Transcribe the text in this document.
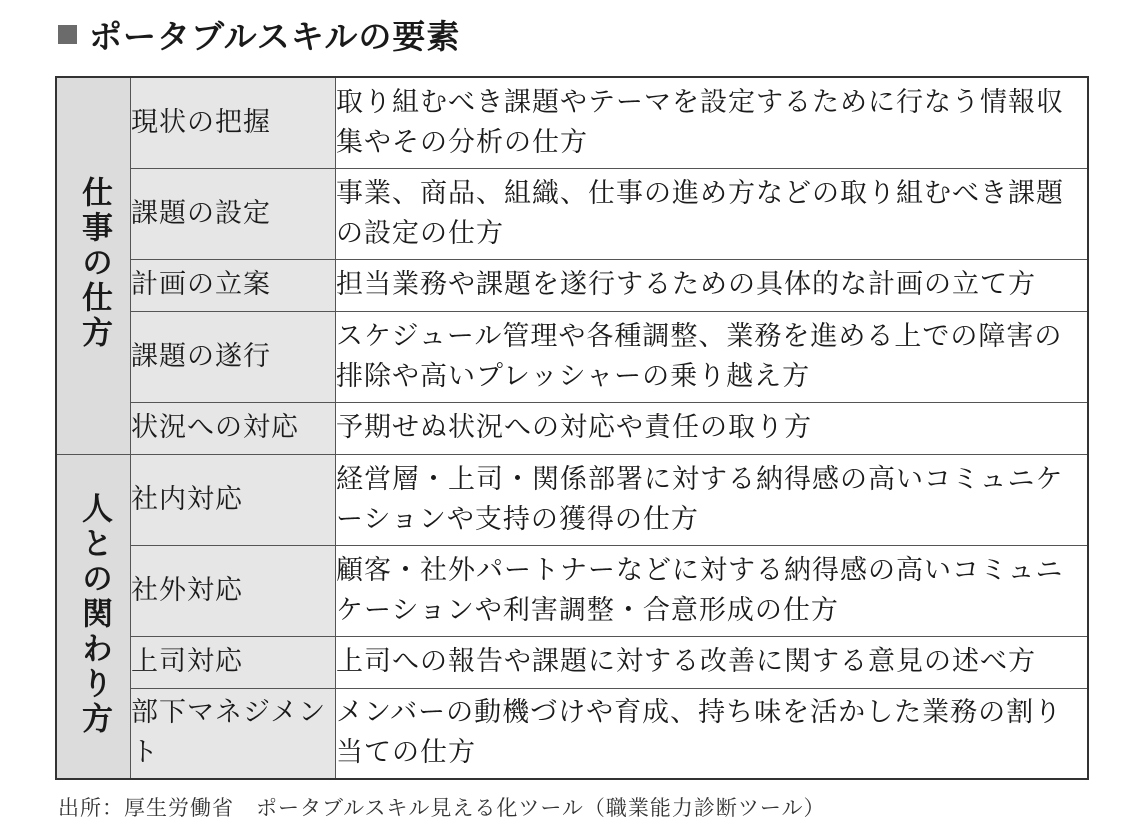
ポータブルスキルの要素
仕事の仕方	現状の把握	取り組むべき課題やテーマを設定するために行なう情報収集やその分析の仕方
	課題の設定	事業、商品、組織、仕事の進め方などの取り組むべき課題の設定の仕方
	計画の立案	担当業務や課題を遂行するための具体的な計画の立て方
	課題の遂行	スケジュール管理や各種調整、業務を進める上での障害の排除や高いプレッシャーの乗り越え方
	状況への対応	予期せぬ状況への対応や責任の取り方
人との関わり方	社内対応	経営層・上司・関係部署に対する納得感の高いコミュニケーションや支持の獲得の仕方
	社外対応	顧客・社外パートナーなどに対する納得感の高いコミュニケーションや利害調整・合意形成の仕方
	上司対応	上司への報告や課題に対する改善に関する意見の述べ方
	部下マネジメント	メンバーの動機づけや育成、持ち味を活かした業務の割り当ての仕方
出所：厚生労働省　ポータブルスキル見える化ツール（職業能力診断ツール）
